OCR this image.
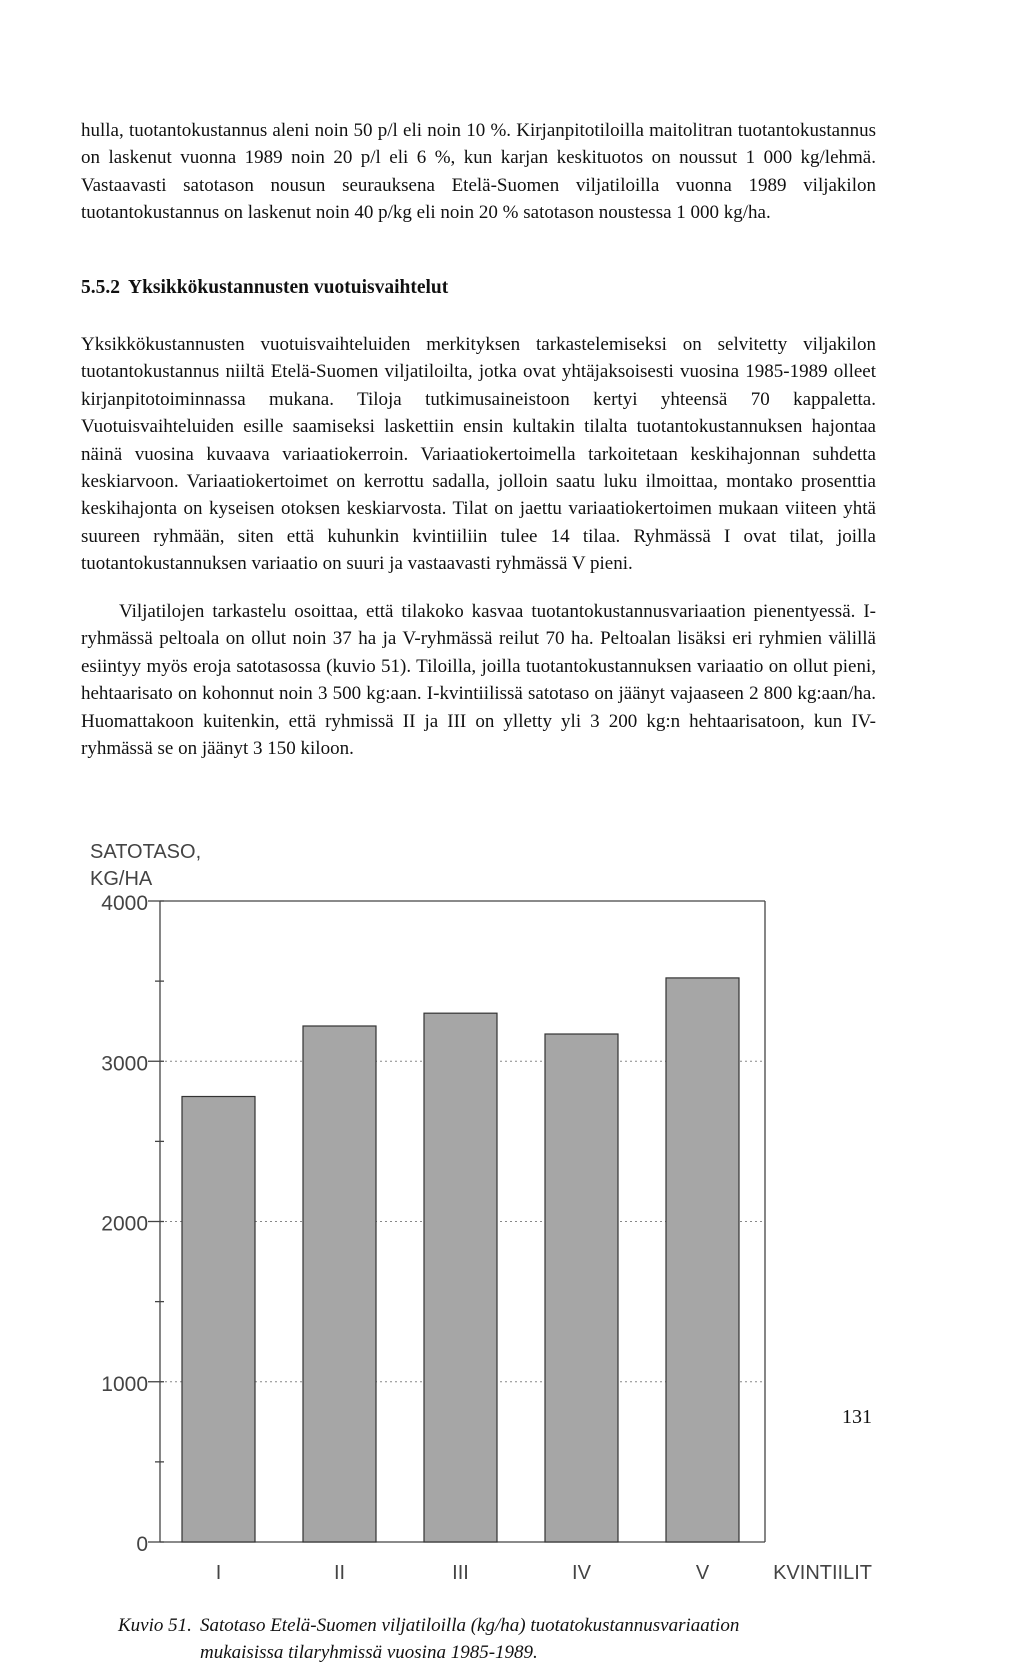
hulla, tuotantokustannus aleni noin 50 p/l eli noin 10 %. Kirjanpitotiloilla maitolitran tuotantokustannus on laskenut vuonna 1989 noin 20 p/l eli 6 %, kun karjan keskituotos on noussut 1 000 kg/lehmä. Vastaavasti satotason nousun seurauksena Etelä-Suomen viljatiloilla vuonna 1989 viljakilon tuotantokustannus on laskenut noin 40 p/kg eli noin 20 % satotason noustessa 1 000 kg/ha.

5.5.2 Yksikkökustannusten vuotuisvaihtelut

Yksikkökustannusten vuotuisvaihteluiden merkityksen tarkastelemiseksi on selvitetty viljakilon tuotantokustannus niiltä Etelä-Suomen viljatiloilta, jotka ovat yhtäjaksoisesti vuosina 1985-1989 olleet kirjanpitotoiminnassa mukana. Tiloja tutkimusaineistoon kertyi yhteensä 70 kappaletta. Vuotuisvaihteluiden esille saamiseksi laskettiin ensin kultakin tilalta tuotantokustannuksen hajontaa näinä vuosina kuvaava variaatiokerroin. Variaatiokertoimella tarkoitetaan keskihajonnan suhdetta keskiarvoon. Variaatiokertoimet on kerrottu sadalla, jolloin saatu luku ilmoittaa, montako prosenttia keskihajonta on kyseisen otoksen keskiarvosta. Tilat on jaettu variaatiokertoimen mukaan viiteen yhtä suureen ryhmään, siten että kuhunkin kvintiiliin tulee 14 tilaa. Ryhmässä I ovat tilat, joilla tuotantokustannuksen variaatio on suuri ja vastaavasti ryhmässä V pieni.

Viljatilojen tarkastelu osoittaa, että tilakoko kasvaa tuotantokustannusvariaation pienentyessä. I-ryhmässä peltoala on ollut noin 37 ha ja V-ryhmässä reilut 70 ha. Peltoalan lisäksi eri ryhmien välillä esiintyy myös eroja satotasossa (kuvio 51). Tiloilla, joilla tuotantokustannuksen variaatio on ollut pieni, hehtaarisato on kohonnut noin 3 500 kg:aan. I-kvintiilissä satotaso on jäänyt vajaaseen 2 800 kg:aan/ha. Huomattakoon kuitenkin, että ryhmissä II ja III on ylletty yli 3 200 kg:n hehtaarisatoon, kun IV-ryhmässä se on jäänyt 3 150 kiloon.

SATOTASO,
KG/HA
0
1000
2000
3000
4000
I	II	III	IV	V	KVINTIILIT
Kuvio 51. Satotaso Etelä-Suomen viljatiloilla (kg/ha) tuotatokustannusvariaation
mukaisissa tilaryhmissä vuosina 1985-1989.
131
